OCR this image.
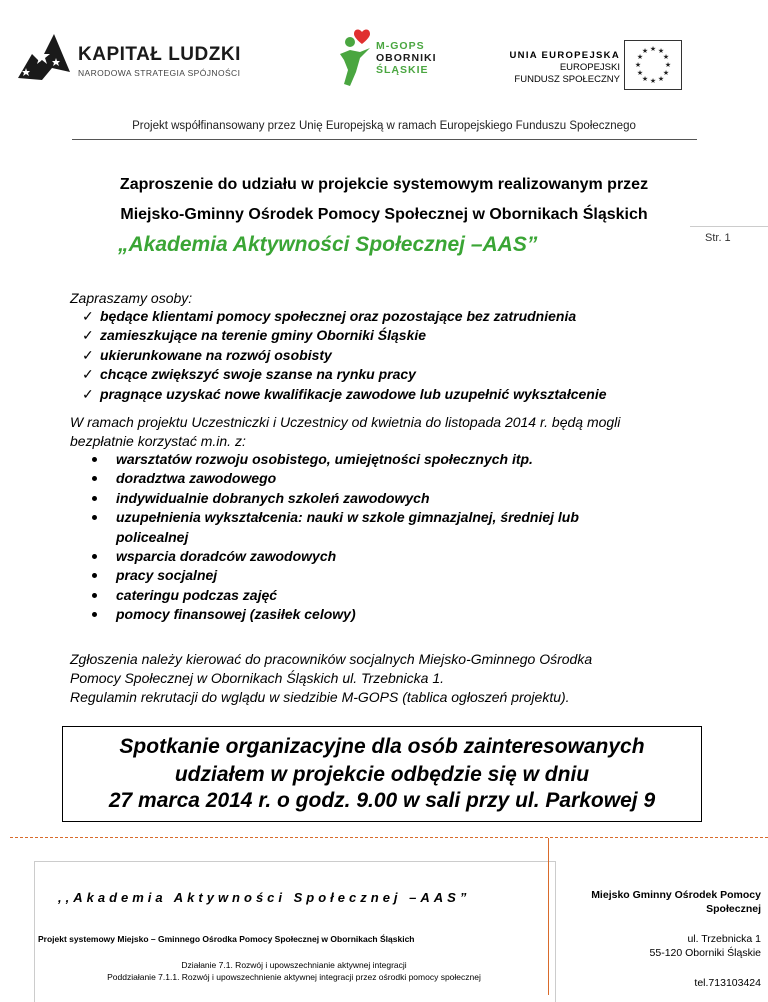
KAPITAŁ LUDZKI
NARODOWA STRATEGIA SPÓJNOŚCI
M-GOPS
OBORNIKI
ŚLĄSKIE
UNIA EUROPEJSKA
EUROPEJSKI
FUNDUSZ SPOŁECZNY
★ ★
★
★
★
★
★
★
★
★
★
★
Projekt współfinansowany przez Unię Europejską w ramach Europejskiego Funduszu Społecznego
Zaproszenie do udziału w projekcie systemowym realizowanym przez
Miejsko-Gminny Ośrodek Pomocy Społecznej w Obornikach Śląskich
„Akademia Aktywności Społecznej –AAS”	Str. 1
Zapraszamy osoby:
✓ będące klientami pomocy społecznej oraz pozostające bez zatrudnienia
✓ zamieszkujące na terenie gminy Oborniki Śląskie
✓ ukierunkowane na rozwój osobisty
✓ chcące zwiększyć swoje szanse na rynku pracy
✓ pragnące uzyskać nowe kwalifikacje zawodowe lub uzupełnić wykształcenie
W ramach projektu Uczestniczki i Uczestnicy od kwietnia do listopada 2014 r. będą mogli
bezpłatnie korzystać m.in. z:
warsztatów rozwoju osobistego, umiejętności społecznych itp.
doradztwa zawodowego
indywidualnie dobranych szkoleń zawodowych
uzupełnienia wykształcenia: nauki w szkole gimnazjalnej, średniej lub
policealnej
wsparcia doradców zawodowych
pracy socjalnej
cateringu podczas zajęć
pomocy finansowej (zasiłek celowy)
Zgłoszenia należy kierować do pracowników socjalnych Miejsko-Gminnego Ośrodka
Pomocy Społecznej w Obornikach Śląskich ul. Trzebnicka 1.
Regulamin rekrutacji do wglądu w siedzibie M-GOPS (tablica ogłoszeń projektu).
Spotkanie organizacyjne dla osób zainteresowanych
udziałem w projekcie odbędzie się w dniu
27 marca 2014 r. o godz. 9.00 w sali przy ul. Parkowej 9
,,Akademia Aktywności Społecznej –AAS”
Projekt systemowy Miejsko – Gminnego Ośrodka Pomocy Społecznej w Obornikach Śląskich
Działanie 7.1. Rozwój i upowszechnianie aktywnej integracji
Poddziałanie 7.1.1. Rozwój i upowszechnienie aktywnej integracji przez ośrodki pomocy społecznej
Miejsko Gminny Ośrodek Pomocy Społecznej
ul. Trzebnicka 1
55-120 Oborniki Śląskie
tel.713103424
